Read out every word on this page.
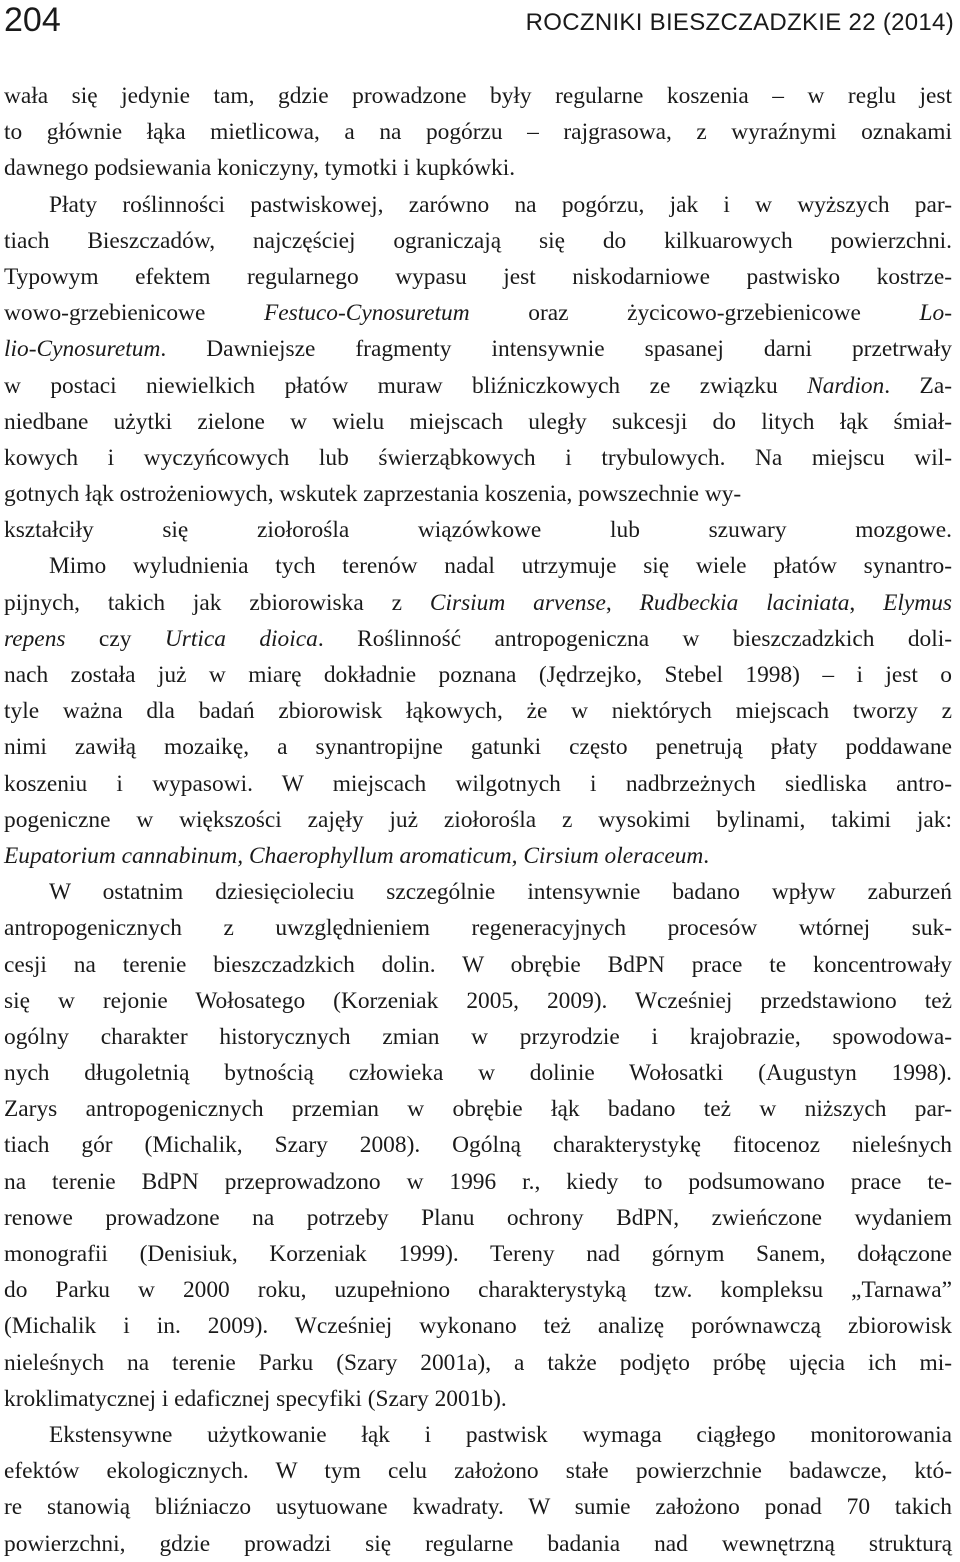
204	ROCZNIKI BIESZCZADZKIE 22 (2014)
wała się jedynie tam, gdzie prowadzone były regularne koszenia – w reglu jest
to głównie łąka mietlicowa, a na pogórzu – rajgrasowa, z wyraźnymi oznakami
dawnego podsiewania koniczyny, tymotki i kupkówki.
Płaty roślinności pastwiskowej, zarówno na pogórzu, jak i w wyższych par-
tiach Bieszczadów, najczęściej ograniczają się do kilkuarowych powierzchni.
Typowym efektem regularnego wypasu jest niskodarniowe pastwisko kostrze-
wowo-grzebienicowe Festuco-Cynosuretum oraz życicowo-grzebienicowe Lo-
lio-Cynosuretum. Dawniejsze fragmenty intensywnie spasanej darni przetrwały
w postaci niewielkich płatów muraw bliźniczkowych ze związku Nardion. Za-
niedbane użytki zielone w wielu miejscach uległy sukcesji do litych łąk śmiał-
kowych i wyczyńcowych lub świerząbkowych i trybulowych. Na miejscu wil-
gotnych łąk ostrożeniowych, wskutek zaprzestania koszenia, powszechnie wy-
kształciły się ziołorośla wiązówkowe lub szuwary mozgowe.
Mimo wyludnienia tych terenów nadal utrzymuje się wiele płatów synantro-
pijnych, takich jak zbiorowiska z Cirsium arvense, Rudbeckia laciniata, Elymus
repens czy Urtica dioica. Roślinność antropogeniczna w bieszczadzkich doli-
nach została już w miarę dokładnie poznana (Jędrzejko, Stebel 1998) – i jest o
tyle ważna dla badań zbiorowisk łąkowych, że w niektórych miejscach tworzy z
nimi zawiłą mozaikę, a synantropijne gatunki często penetrują płaty poddawane
koszeniu i wypasowi. W miejscach wilgotnych i nadbrzeżnych siedliska antro-
pogeniczne w większości zajęły już ziołorośla z wysokimi bylinami, takimi jak:
Eupatorium cannabinum, Chaerophyllum aromaticum, Cirsium oleraceum.
W ostatnim dziesięcioleciu szczególnie intensywnie badano wpływ zaburzeń
antropogenicznych z uwzględnieniem regeneracyjnych procesów wtórnej suk-
cesji na terenie bieszczadzkich dolin. W obrębie BdPN prace te koncentrowały
się w rejonie Wołosatego (Korzeniak 2005, 2009). Wcześniej przedstawiono też
ogólny charakter historycznych zmian w przyrodzie i krajobrazie, spowodowa-
nych długoletnią bytnością człowieka w dolinie Wołosatki (Augustyn 1998).
Zarys antropogenicznych przemian w obrębie łąk badano też w niższych par-
tiach gór (Michalik, Szary 2008). Ogólną charakterystykę fitocenoz nieleśnych
na terenie BdPN przeprowadzono w 1996 r., kiedy to podsumowano prace te-
renowe prowadzone na potrzeby Planu ochrony BdPN, zwieńczone wydaniem
monografii (Denisiuk, Korzeniak 1999). Tereny nad górnym Sanem, dołączone
do Parku w 2000 roku, uzupełniono charakterystyką tzw. kompleksu „Tarnawa”
(Michalik i in. 2009). Wcześniej wykonano też analizę porównawczą zbiorowisk
nieleśnych na terenie Parku (Szary 2001a), a także podjęto próbę ujęcia ich mi-
kroklimatycznej i edaficznej specyfiki (Szary 2001b).
Ekstensywne użytkowanie łąk i pastwisk wymaga ciągłego monitorowania
efektów ekologicznych. W tym celu założono stałe powierzchnie badawcze, któ-
re stanowią bliźniaczo usytuowane kwadraty. W sumie założono ponad 70 takich
powierzchni, gdzie prowadzi się regularne badania nad wewnętrzną strukturą
